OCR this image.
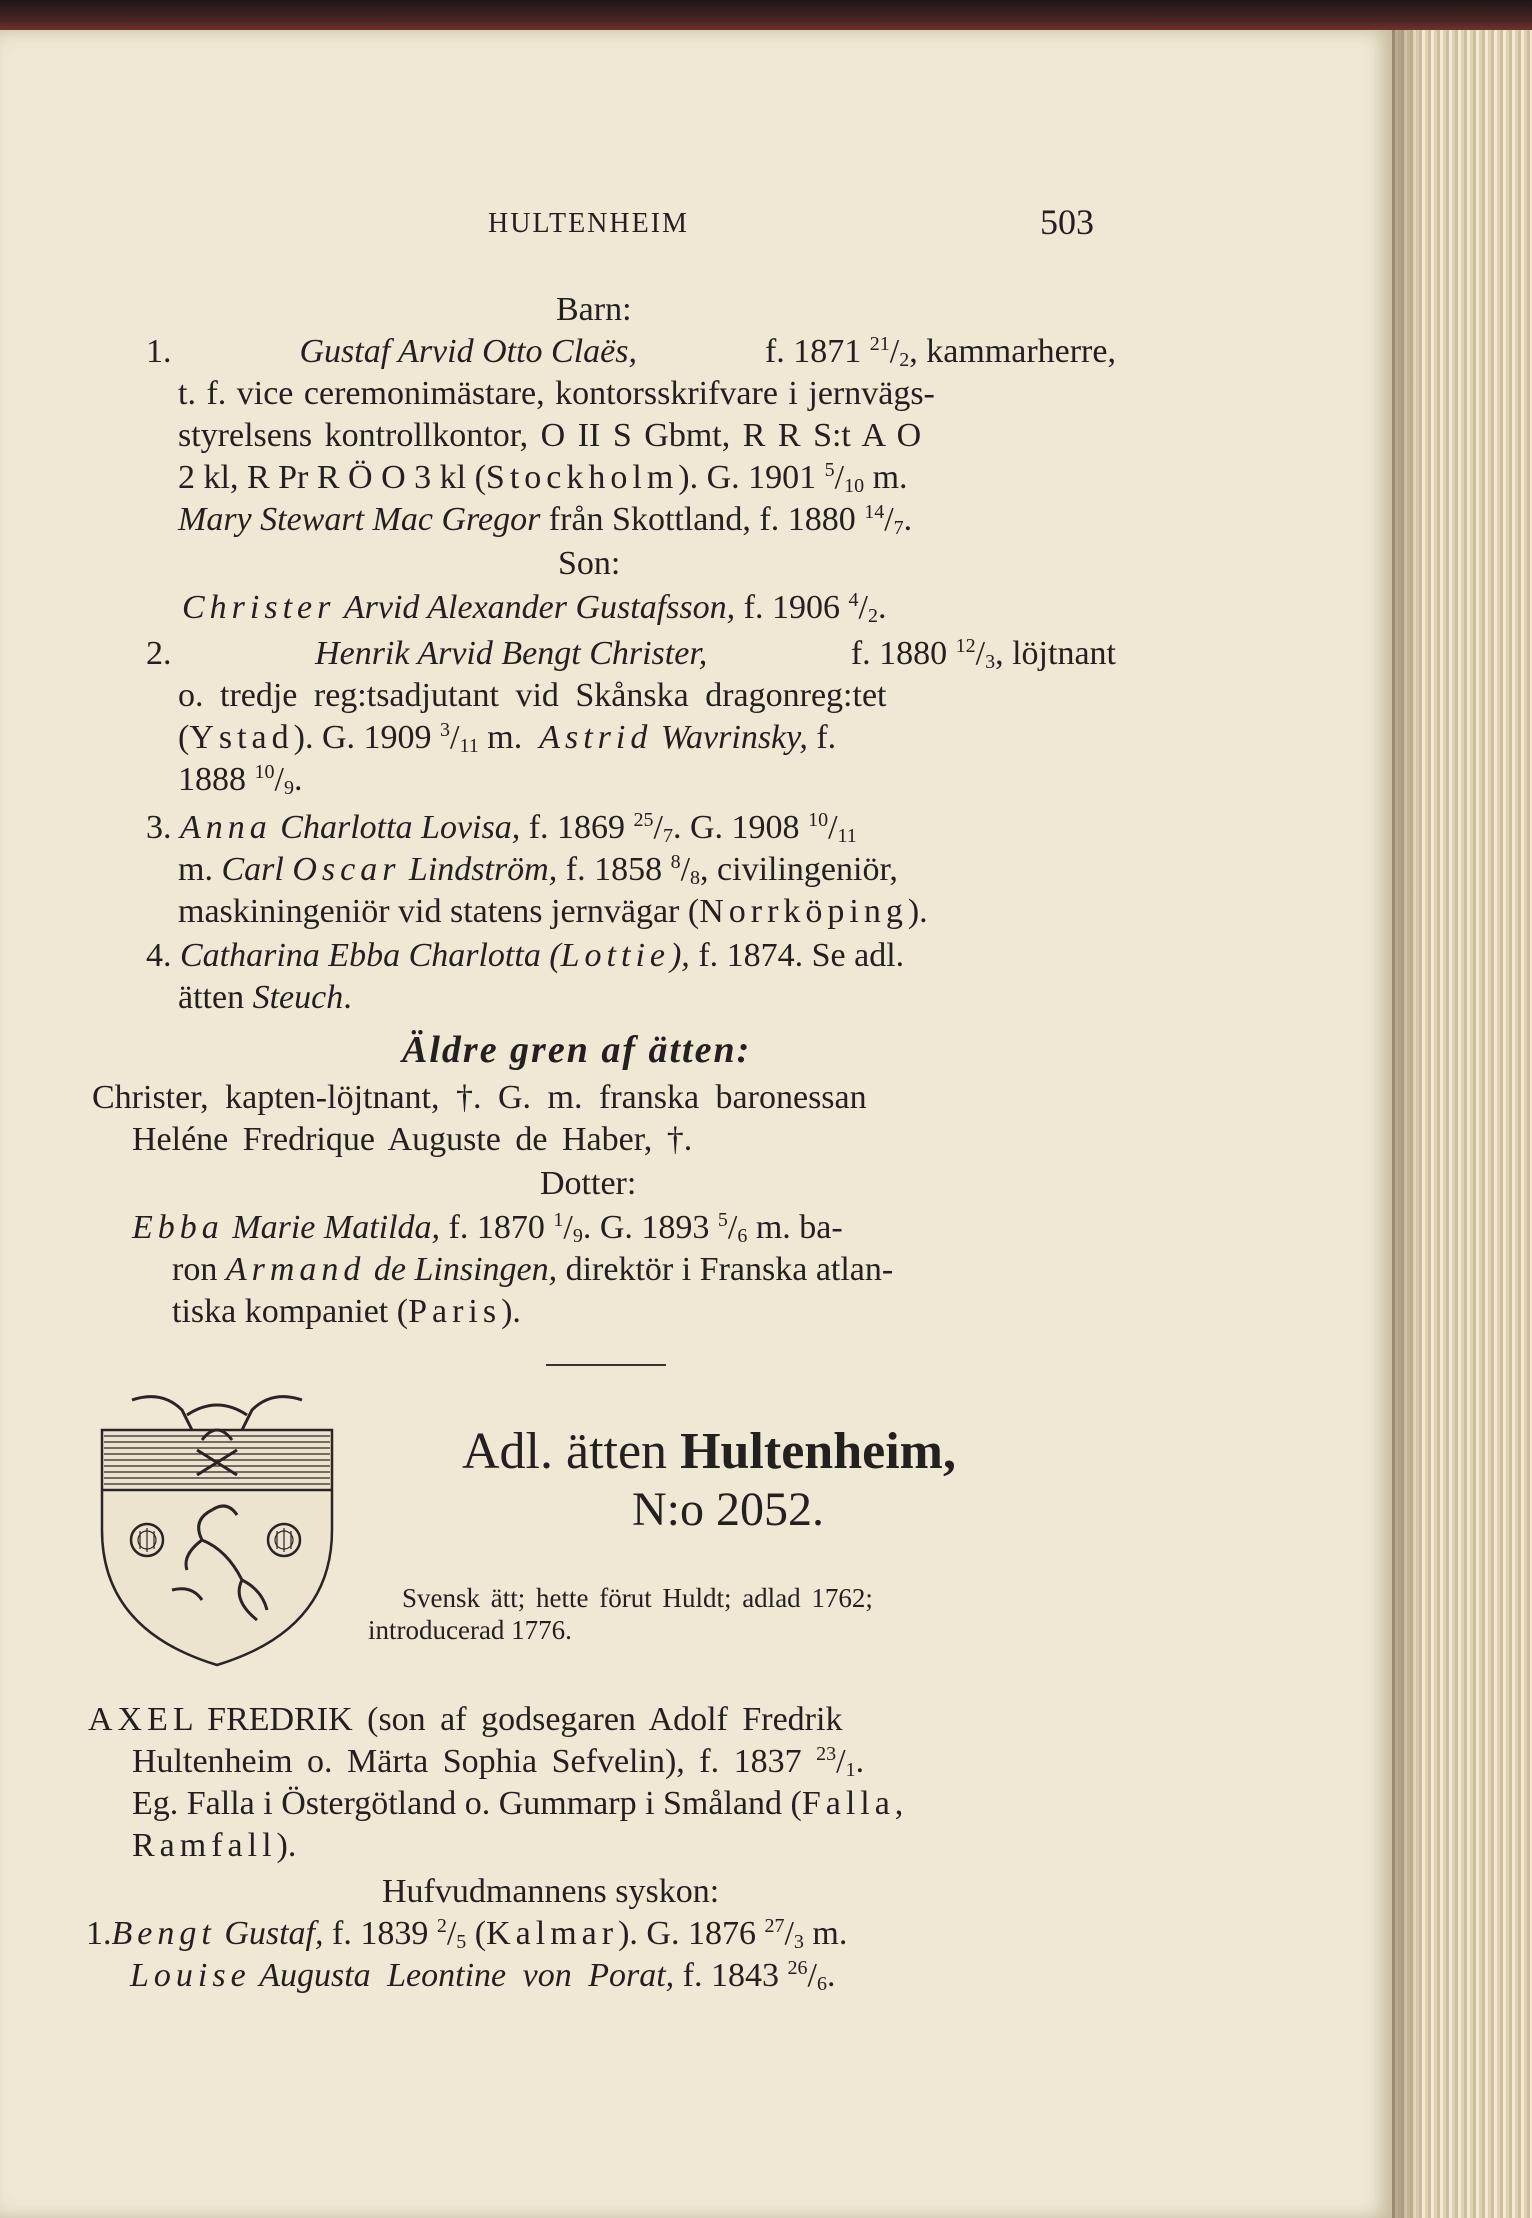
HULTENHEIM	503
Barn:
1.	Gustaf Arvid Otto Claës,	f. 1871 $^{21}/_2$, kammarherre,
t. f. vice ceremonimästare, kontorsskrifvare i jernvägs-
styrelsens kontrollkontor, O II S Gbmt, R R S:t A O
2 kl, R Pr R Ö O 3 kl (Stockholm). G. 1901 $^5/_{10}$ m.
Mary Stewart Mac Gregor från Skottland, f. 1880 $^{14}/_7$.
Son:
Christer Arvid Alexander Gustafsson, f. 1906 $^4/_2$.
2.	Henrik Arvid Bengt Christer,	f. 1880 $^{12}/_3$, löjtnant
o. tredje reg:tsadjutant vid Skånska dragonreg:tet
(Ystad). G. 1909 $^3/_{11}$ m. Astrid Wavrinsky, f.
1888 $^{10}/_9$.
3. Anna Charlotta Lovisa, f. 1869 $^{25}/_7$. G. 1908 $^{10}/_{11}$
m. Carl Oscar Lindström, f. 1858 $^8/_8$, civilingeniör,
maskiningeniör vid statens jernvägar (Norrköping).
4. Catharina Ebba Charlotta (Lottie), f. 1874. Se adl.
ätten Steuch.
Äldre gren af ätten:
Christer, kapten-löjtnant, †. G. m. franska baronessan
Heléne Fredrique Auguste de Haber, †.
Dotter:
Ebba Marie Matilda, f. 1870 $^1/_9$. G. 1893 $^5/_6$ m. ba-
ron Armand de Linsingen, direktör i Franska atlan-
tiska kompaniet (Paris).
Adl. ätten Hultenheim,
N:o 2052.
Svensk ätt; hette förut Huldt; adlad 1762;
introducerad 1776.
AXEL FREDRIK (son af godsegaren Adolf Fredrik
Hultenheim o. Märta Sophia Sefvelin), f. 1837 $^{23}/_1$.
Eg. Falla i Östergötland o. Gummarp i Småland (Falla,
Ramfall).
Hufvudmannens syskon:
1.Bengt Gustaf, f. 1839 $^2/_5$ (Kalmar). G. 1876 $^{27}/_3$ m.
Louise Augusta Leontine von Porat, f. 1843 $^{26}/_6$.
